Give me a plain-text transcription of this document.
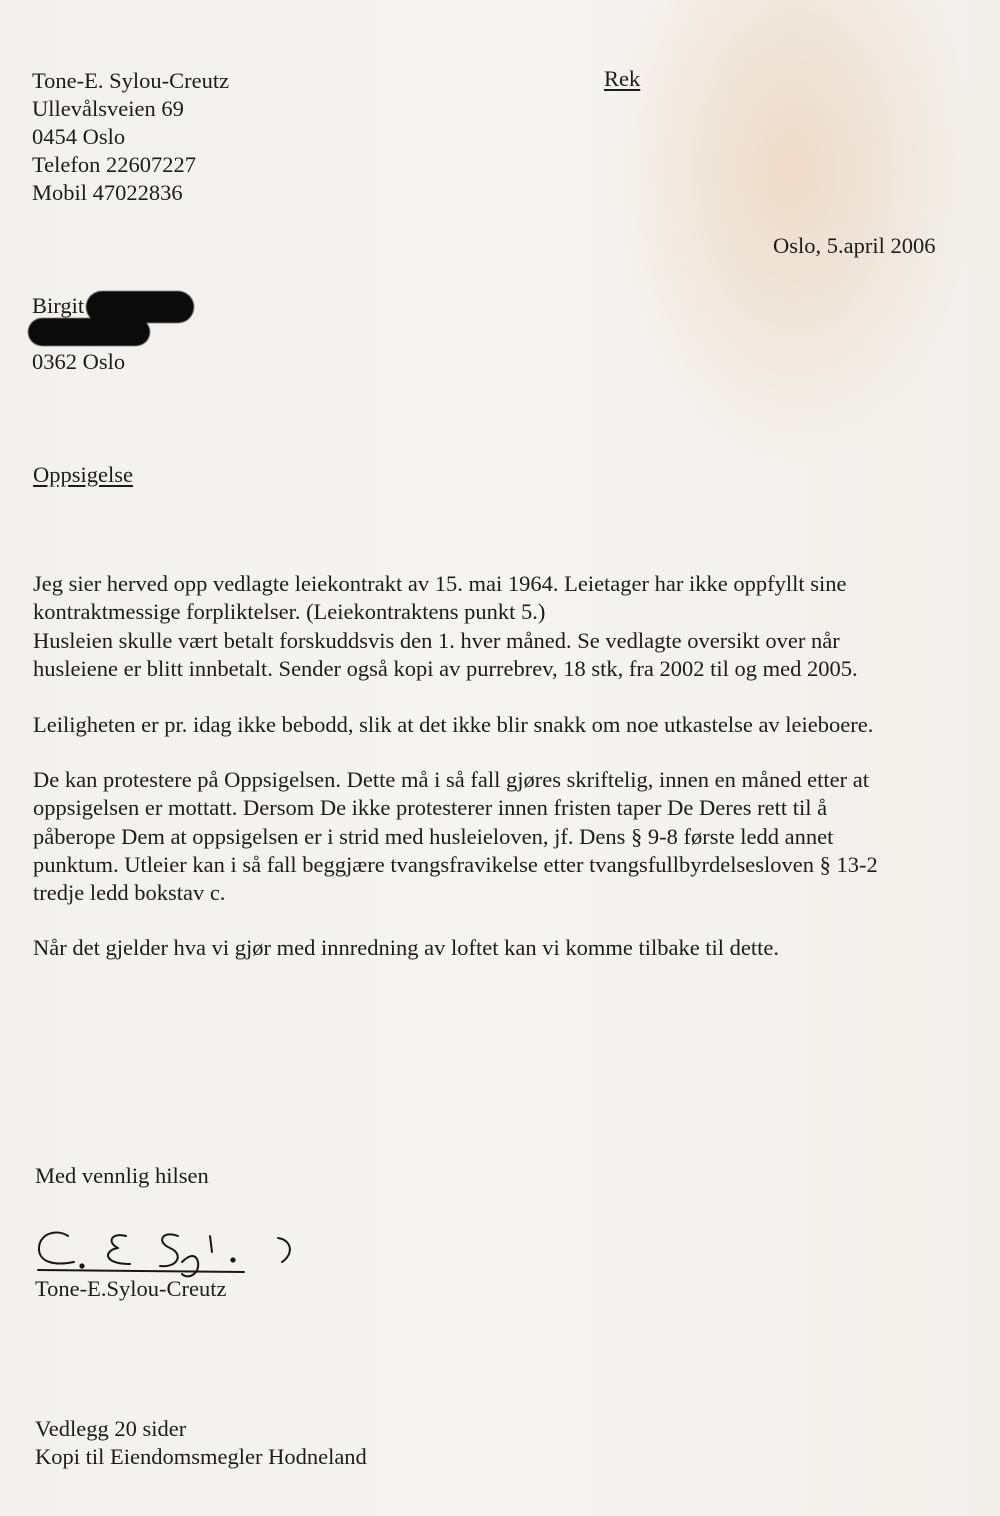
Tone-E. Sylou-Creutz
Ullevålsveien 69
0454 Oslo
Telefon 22607227
Mobil 47022836
Rek
Oslo, 5.april 2006
Birgit
0362 Oslo
Oppsigelse
Jeg sier herved opp vedlagte leiekontrakt av 15. mai 1964. Leietager har ikke oppfyllt sine
kontraktmessige forpliktelser. (Leiekontraktens punkt 5.)
Husleien skulle vært betalt forskuddsvis den 1. hver måned. Se vedlagte oversikt over når
husleiene er blitt innbetalt. Sender også kopi av purrebrev, 18 stk, fra 2002 til og med 2005.
Leiligheten er pr. idag ikke bebodd, slik at det ikke blir snakk om noe utkastelse av leieboere.
De kan protestere på Oppsigelsen. Dette må i så fall gjøres skriftelig, innen en måned etter at
oppsigelsen er mottatt. Dersom De ikke protesterer innen fristen taper De Deres rett til å
påberope Dem at oppsigelsen er i strid med husleieloven, jf. Dens § 9-8 første ledd annet
punktum. Utleier kan i så fall beggjære tvangsfravikelse etter tvangsfullbyrdelsesloven § 13-2
tredje ledd bokstav c.
Når det gjelder hva vi gjør med innredning av loftet kan vi komme tilbake til dette.
Med vennlig hilsen
Tone-E.Sylou-Creutz
Vedlegg 20 sider
Kopi til Eiendomsmegler Hodneland
